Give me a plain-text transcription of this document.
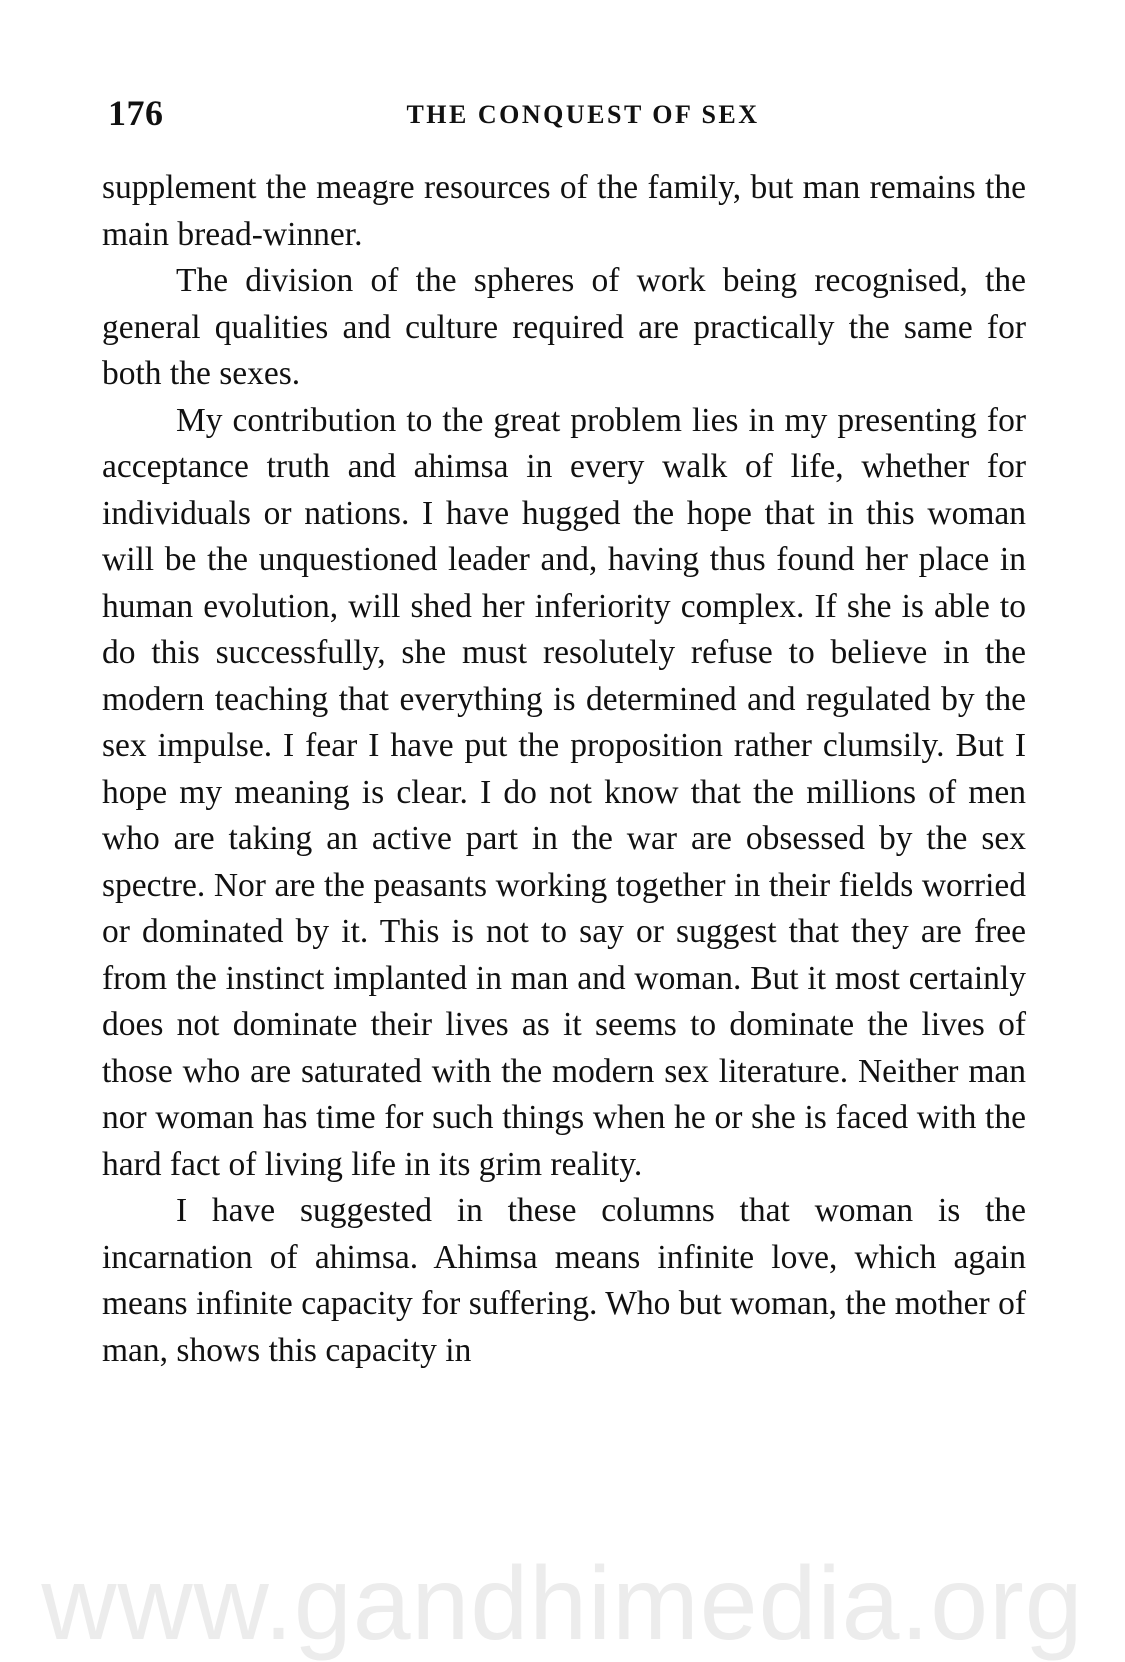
176	THE CONQUEST OF SEX

supplement the meagre resources of the family, but man remains the main bread-winner.

The division of the spheres of work being recognised, the general qualities and culture required are practically the same for both the sexes.

My contribution to the great problem lies in my presenting for acceptance truth and ahimsa in every walk of life, whether for individuals or nations. I have hugged the hope that in this woman will be the unquestioned leader and, having thus found her place in human evolution, will shed her inferiority complex. If she is able to do this successfully, she must resolutely refuse to believe in the modern teaching that everything is determined and regulated by the sex impulse. I fear I have put the proposition rather clumsily. But I hope my meaning is clear. I do not know that the millions of men who are taking an active part in the war are obsessed by the sex spectre. Nor are the peasants working together in their fields worried or dominated by it. This is not to say or suggest that they are free from the instinct implanted in man and woman. But it most certainly does not dominate their lives as it seems to dominate the lives of those who are saturated with the modern sex literature. Neither man nor woman has time for such things when he or she is faced with the hard fact of living life in its grim reality.

I have suggested in these columns that woman is the incarnation of ahimsa. Ahimsa means infinite love, which again means infinite capacity for suffering. Who but woman, the mother of man, shows this capacity in

www.gandhimedia.org
